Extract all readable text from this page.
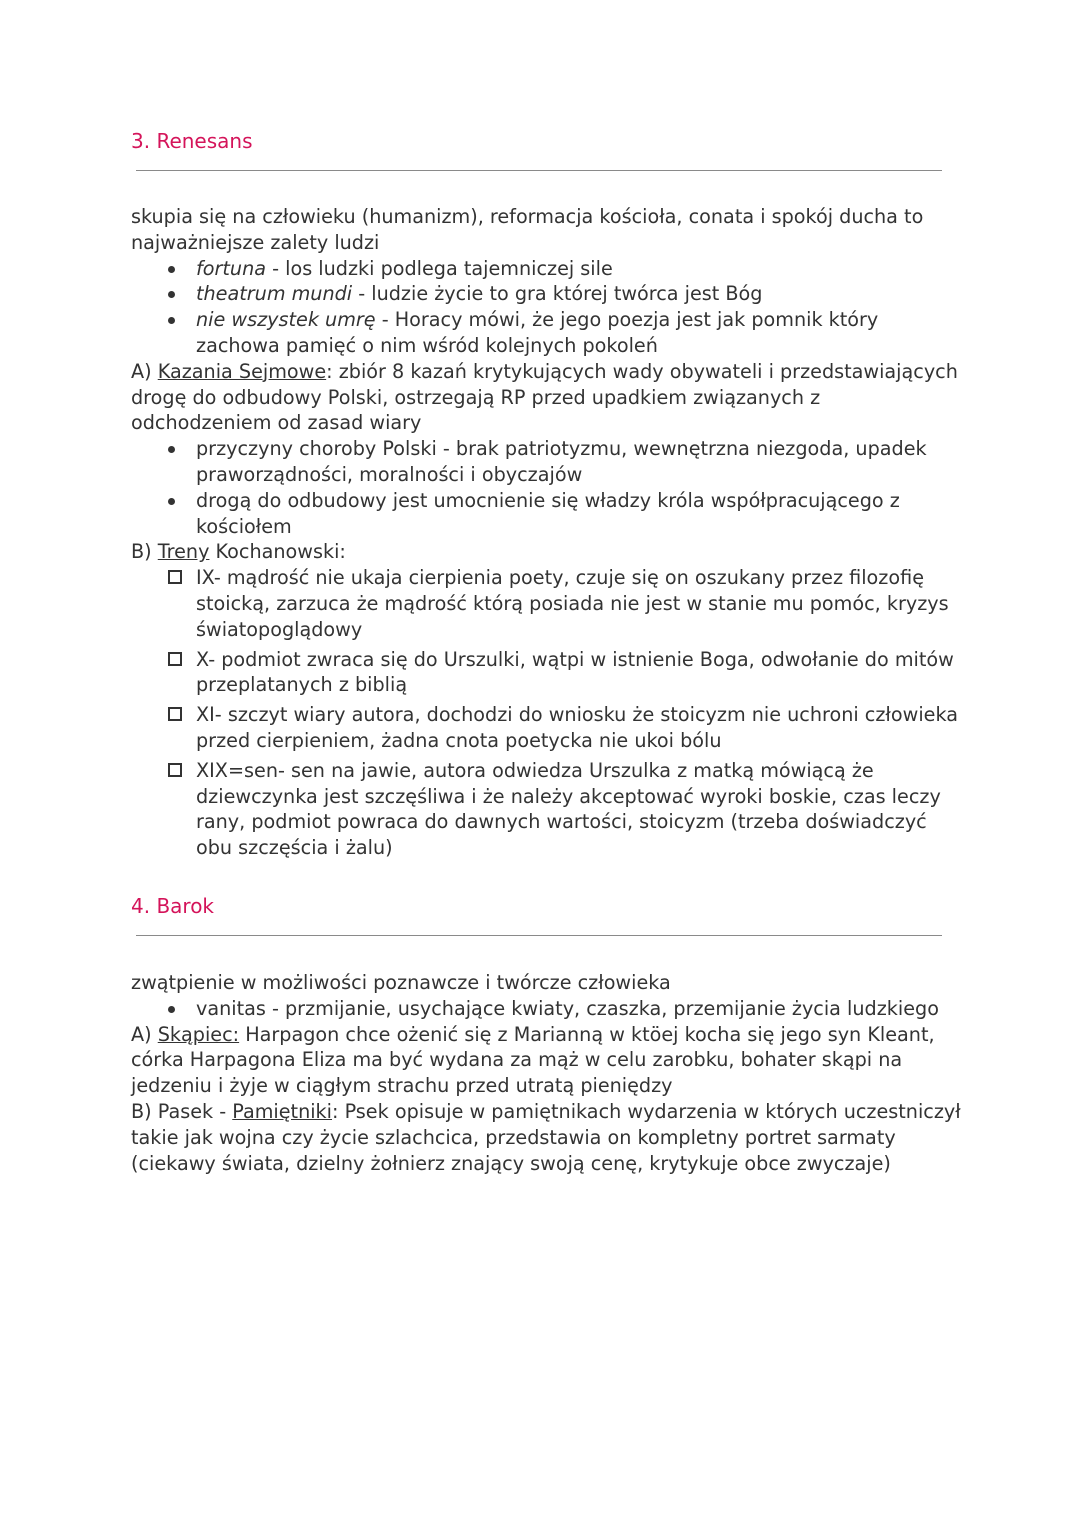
3. Renesans

skupia się na człowieku (humanizm), reformacja kościoła, conata i spokój ducha to najważniejsze zalety ludzi

fortuna - los ludzki podlega tajemniczej sile
theatrum mundi - ludzie życie to gra której twórca jest Bóg
nie wszystek umrę - Horacy mówi, że jego poezja jest jak pomnik który zachowa pamięć o nim wśród kolejnych pokoleń

A) Kazania Sejmowe: zbiór 8 kazań krytykujących wady obywateli i przedstawiających drogę do odbudowy Polski, ostrzegają RP przed upadkiem związanych z odchodzeniem od zasad wiary

przyczyny choroby Polski - brak patriotyzmu, wewnętrzna niezgoda, upadek praworządności, moralności i obyczajów
drogą do odbudowy jest umocnienie się władzy króla współpracującego z kościołem

B) Treny Kochanowski:

IX- mądrość nie ukaja cierpienia poety, czuje się on oszukany przez filozofię stoicką, zarzuca że mądrość którą posiada nie jest w stanie mu pomóc, kryzys światopoglądowy
X- podmiot zwraca się do Urszulki, wątpi w istnienie Boga, odwołanie do mitów przeplatanych z biblią
XI- szczyt wiary autora, dochodzi do wniosku że stoicyzm nie uchroni człowieka przed cierpieniem, żadna cnota poetycka nie ukoi bólu
XIX=sen- sen na jawie, autora odwiedza Urszulka z matką mówiącą że dziewczynka jest szczęśliwa i że należy akceptować wyroki boskie, czas leczy rany, podmiot powraca do dawnych wartości, stoicyzm (trzeba doświadczyć obu szczęścia i żalu)
4. Barok

zwątpienie w możliwości poznawcze i twórcze człowieka

vanitas - przmijanie, usychające kwiaty, czaszka, przemijanie życia ludzkiego

A) Skąpiec: Harpagon chce ożenić się z Marianną w ktöej kocha się jego syn Kleant, córka Harpagona Eliza ma być wydana za mąż w celu zarobku, bohater skąpi na jedzeniu i żyje w ciągłym strachu przed utratą pieniędzy

B) Pasek - Pamiętniki: Psek opisuje w pamiętnikach wydarzenia w których uczestniczył takie jak wojna czy życie szlachcica, przedstawia on kompletny portret sarmaty (ciekawy świata, dzielny żołnierz znający swoją cenę, krytykuje obce zwyczaje)
